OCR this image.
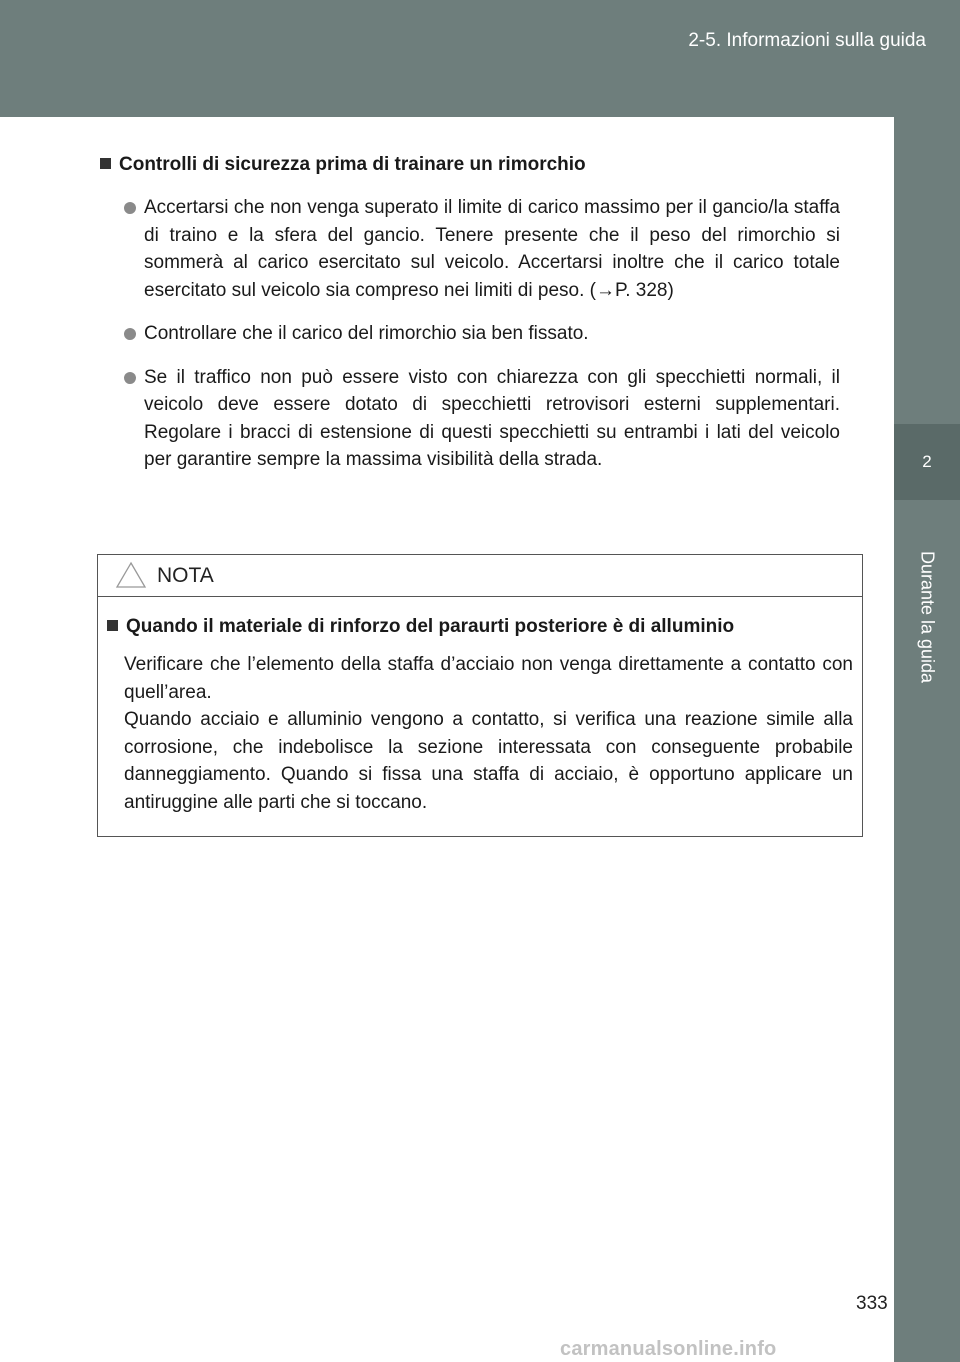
2-5. Informazioni sulla guida
2
Durante la guida
Controlli di sicurezza prima di trainare un rimorchio
Accertarsi che non venga superato il limite di carico massimo per il gancio/la staffa di traino e la sfera del gancio. Tenere presente che il peso del rimorchio si sommerà al carico esercitato sul veicolo. Accertarsi inoltre che il carico totale esercitato sul veicolo sia compreso nei limiti di peso. (→P. 328)
Controllare che il carico del rimorchio sia ben fissato.
Se il traffico non può essere visto con chiarezza con gli specchietti normali, il veicolo deve essere dotato di specchietti retrovisori esterni supplementari. Regolare i bracci di estensione di questi specchietti su entrambi i lati del veicolo per garantire sempre la massima visibilità della strada.
NOTA
Quando il materiale di rinforzo del paraurti posteriore è di alluminio

Verificare che l’elemento della staffa d’acciaio non venga direttamente a contatto con quell’area.

Quando acciaio e alluminio vengono a contatto, si verifica una reazione simile alla corrosione, che indebolisce la sezione interessata con conseguente probabile danneggiamento. Quando si fissa una staffa di acciaio, è opportuno applicare un antiruggine alle parti che si toccano.

333
carmanualsonline.info
